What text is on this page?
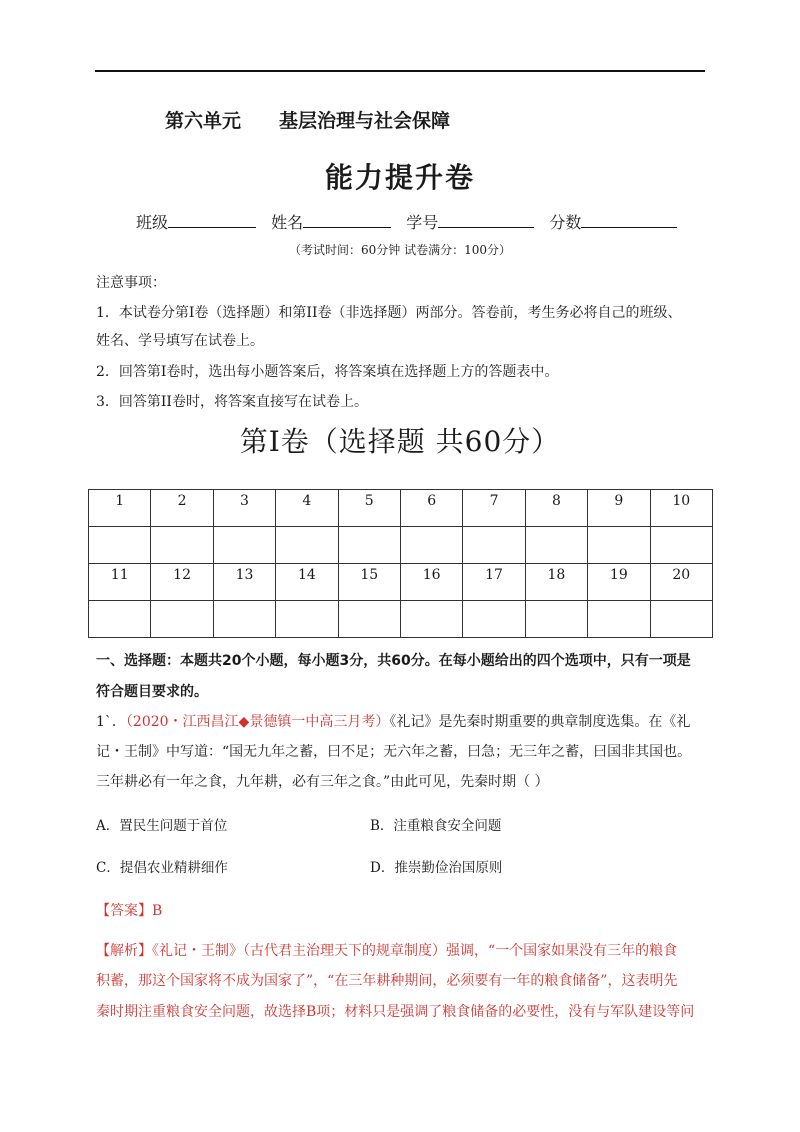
第六单元 基层治理与社会保障
能力提升卷
班级	姓名	学号	分数
（考试时间：60分钟 试卷满分：100分）
注意事项：
1．本试卷分第I卷（选择题）和第II卷（非选择题）两部分。答卷前，考生务必将自己的班级、
姓名、学号填写在试卷上。
2．回答第I卷时，选出每小题答案后，将答案填在选择题上方的答题表中。
3．回答第II卷时，将答案直接写在试卷上。
第Ⅰ卷（选择题 共60分）
1	2	3	4	5	6	7	8	9	10

11	12	13	14	15	16	17	18	19	20

一、选择题：本题共20个小题，每小题3分，共60分。在每小题给出的四个选项中，只有一项是
符合题目要求的。
1`．（2020・江西昌江◆景德镇一中高三月考）《礼记》是先秦时期重要的典章制度选集。在《礼
记・王制》中写道：“国无九年之蓄，曰不足；无六年之蓄，曰急；无三年之蓄，曰国非其国也。
三年耕必有一年之食，九年耕，必有三年之食。”由此可见，先秦时期（ ）
A．置民生问题于首位	B．注重粮食安全问题
C．提倡农业精耕细作	D．推崇勤俭治国原则
【答案】B
【解析】《礼记・王制》（古代君主治理天下的规章制度）强调，“一个国家如果没有三年的粮食
积蓄，那这个国家将不成为国家了”，“在三年耕种期间，必须要有一年的粮食储备”，这表明先
秦时期注重粮食安全问题，故选择B项；材料只是强调了粮食储备的必要性，没有与军队建设等问
